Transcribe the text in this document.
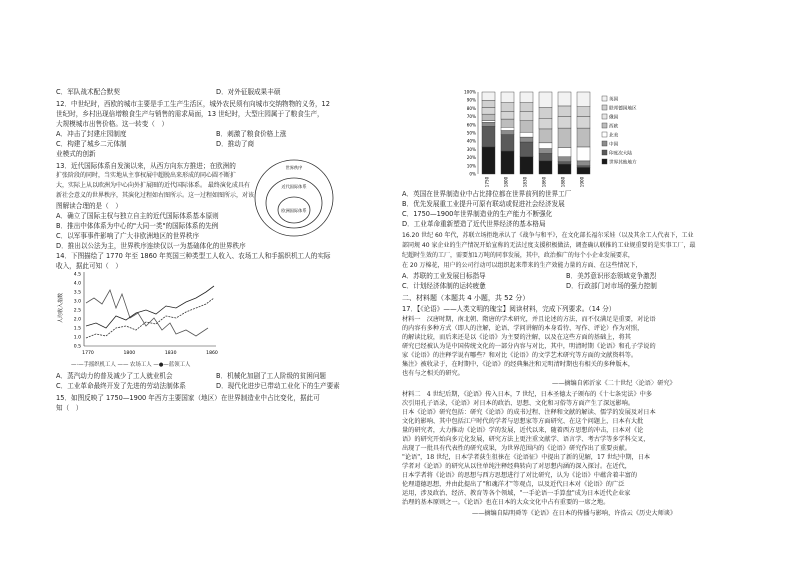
C．军队战术配合默契	D．对外征服成果丰硕
12．中世纪时，西欧的城市主要是手工生产生活区，城外农民须有向城市交纳物物的义务，12
世纪时，乡村出现倍增粮食生产与销售的需求局面，13 世纪时，大型庄园属于了粮食生产，
大规模城市出售价格。这一转变（　）
A．冲击了封建庄园制度	B．刺激了粮食价格上涨
C．构建了城乡二元体制	D．推动了商
业模式的创新
13．近代国际体系自发演以来，从西方向东方推进；在欧洲的
扩张阶段的同时，当实地从主事权展中超脱出来形成的同心圆不断扩
大，实际上从以欧洲为中心向外扩展圈的近代国际体系。 最终演化成具有
新社会意义的世界秩序，其演化过程如右图所示。这一过程如图所示，对该
图解读合理的是（　）
世界秩序
近代国际体系
欧洲国际体系
A．确立了国际主权与独立自主的近代国际体系基本原则
B．推出中体体系为中心的"大同一类"的国际体系的先例
C．以军事事件影响了广大非欧洲地区的世界秩序
D．推出以公法为主，世界秩序连续仅以一为基础体化的世界秩序
14．下图描绘了 1770 年至 1860 年英国三种类型工人收入、农场工人和手摇织机工人的实际
收入，据此可知（　）
人均收入指数
4.5
4.0
3.5
3.0
2.5
2.0
1.5
1.0
0.5
1770	1800	1830	1860
—·—手摇织机工人 —— 农场工人 —●—蓝领工人
A．蒸汽动力的普及减少了工人就业机会	B．机械化加剧了工人阶级的贫困问题
C．工业革命最终开发了先进的劳动法制体系	D．现代化进步已带动工业化下的生产要素
15．如图反映了 1750—1900 年西方主要国家（地区）在世界制造业中占比变化，据此可
知（　）
100%
90%
80%
70%
60%
50%
40%
30%
20%
10%
0%
1750	1800	1830	1860	1880	1900
英国
联邦德国地区
俄国
西欧
北美
中国
印度次大陆
世界其他地方
A．英国在世界制造业中占比排位都在世界前列的世界工厂
B．优先发展重工业提升可原有联动或促进社会经济发展
C．1750—1900年世界制造业的生产能力不断强化
D．工业革命重新塑造了近代世界经济的基本格局
16.20 世纪 60 年代，苏联立场拒绝承认了《战争与和平》，在文化部长福尔采娃（以及其余工人代表下，工业
部同规 40 家企业的生产情况开始宣称的无法过度支援积极做法，调查确认联推的工业规重要的是实事工厂，最
纪超时生效的工厂，需要加1万吨的同事发展，其中，政治推广的每个小企业发展要求，
在 20 万棉花，用户的公司行动可以组织起来带来的生产效能力量的方面、在这些情况下，
A．苏联的工业发展目标指导	B．美苏意识形态领域竞争激烈
C．计划经济体制的运转疲惫	D．行政部门对市场的强力控制
二、材料题（本题共 4 小题，共 52 分）
17．【《论语》——人类文明的瑰宝】阅读材料，完成下列要求。（14 分）
材料一　汉唐时期，南北朝、隋唐的学术研究，并且论述的方法，而不仅满足是重要，对论语
的内容有多种方式（即人的注解，论语、学问讲解的本身看待、写作、评论）作为对照，
的解读比较，而后来还是以《论语》为主要的注解，以及在这些方面的基础上，将其
研究已经被认为是中国传统文化的一部分内容与对比，其中，明清时期《论语》和孔子学说的
家《论语》的注释学说有哪些？和对比《论语》的文学艺术研究等方面的文献资料等。
集注》被收录于，在时期中，《论语》的经典集注和元明清时期也有相关的多种版本，
也有与之相关的研究。
——摘编自郭沂家《二十世纪〈论语〉研究》
材料二　4 世纪后期，《论语》传入日本，7 世纪，日本圣德太子颁布的《十七条宪法》中多
次引用孔子语录，《论语》对日本的政治、思想、文化和习俗等方面产生了深远影响。
日本《论语》研究包括：研究《论语》的成书过程、注释和文献的解读、儒学的发展及对日本
文化的影响、其中包括江户时代的学者与思想家等方面研究、在这个问题上，日本有大批
量的研究者，大力推动《论语》学的发展，近代以来，随着西方思想的冲击，日本对《论
语》的研究开始向多元化发展，研究方法上更注重文献学、语言学、考古学等多学科交叉，
出现了一批具有代表性的研究成果，为世界范围内的《论语》研究作出了重要贡献。
"论语"，18 世纪，日本学者荻生徂徕在《论语征》中提出了新的见解，17 世纪中期，日本
学者对《论语》的研究从以往单纯注释经典转向了对思想内涵的深入探讨。在近代，
日本学者将《论语》的思想与西方思想进行了对比研究，认为《论语》中蕴含着丰富的
伦理道德思想，并由此提出了"和魂洋才"等观点，以及近代日本对《论语》的广泛
运用，涉及政治、经济、教育等各个领域，"一手论语一手算盘"成为日本近代企业家
治理的基本原则之一。《论语》也在日本的大众文化中占有重要的一席之地。
——摘编自陆明舜等《论语》在日本的传播与影响，许浩云《历史大师谈》
